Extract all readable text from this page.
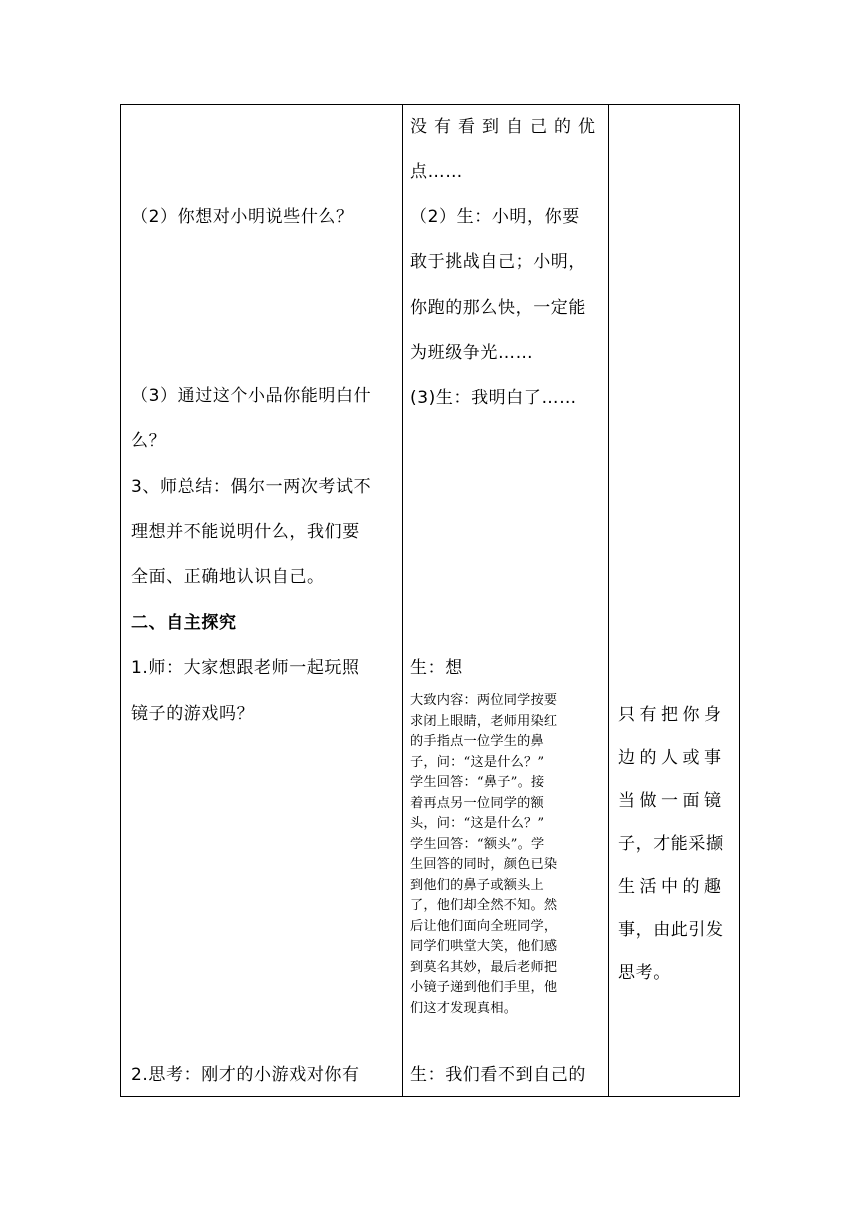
（2）你想对小明说些什么？
（3）通过这个小品你能明白什
么？
3、师总结：偶尔一两次考试不
理想并不能说明什么，我们要
全面、正确地认识自己。
二、自主探究
1.师：大家想跟老师一起玩照
镜子的游戏吗？
2.思考：刚才的小游戏对你有
没有看到自己的优
点……
（2）生：小明，你要
敢于挑战自己；小明，
你跑的那么快，一定能
为班级争光……
(3)生：我明白了……
生：想
大致内容：两位同学按要
求闭上眼睛，老师用染红
的手指点一位学生的鼻
子，问：“这是什么？”
学生回答：“鼻子”。接
着再点另一位同学的额
头，问：“这是什么？”
学生回答：“额头”。学
生回答的同时，颜色已染
到他们的鼻子或额头上
了，他们却全然不知。然
后让他们面向全班同学，
同学们哄堂大笑，他们感
到莫名其妙，最后老师把
小镜子递到他们手里，他
们这才发现真相。
生：我们看不到自己的
只有把你身
边的人或事
当做一面镜
子，才能采撷
生活中的趣
事，由此引发
思考。
